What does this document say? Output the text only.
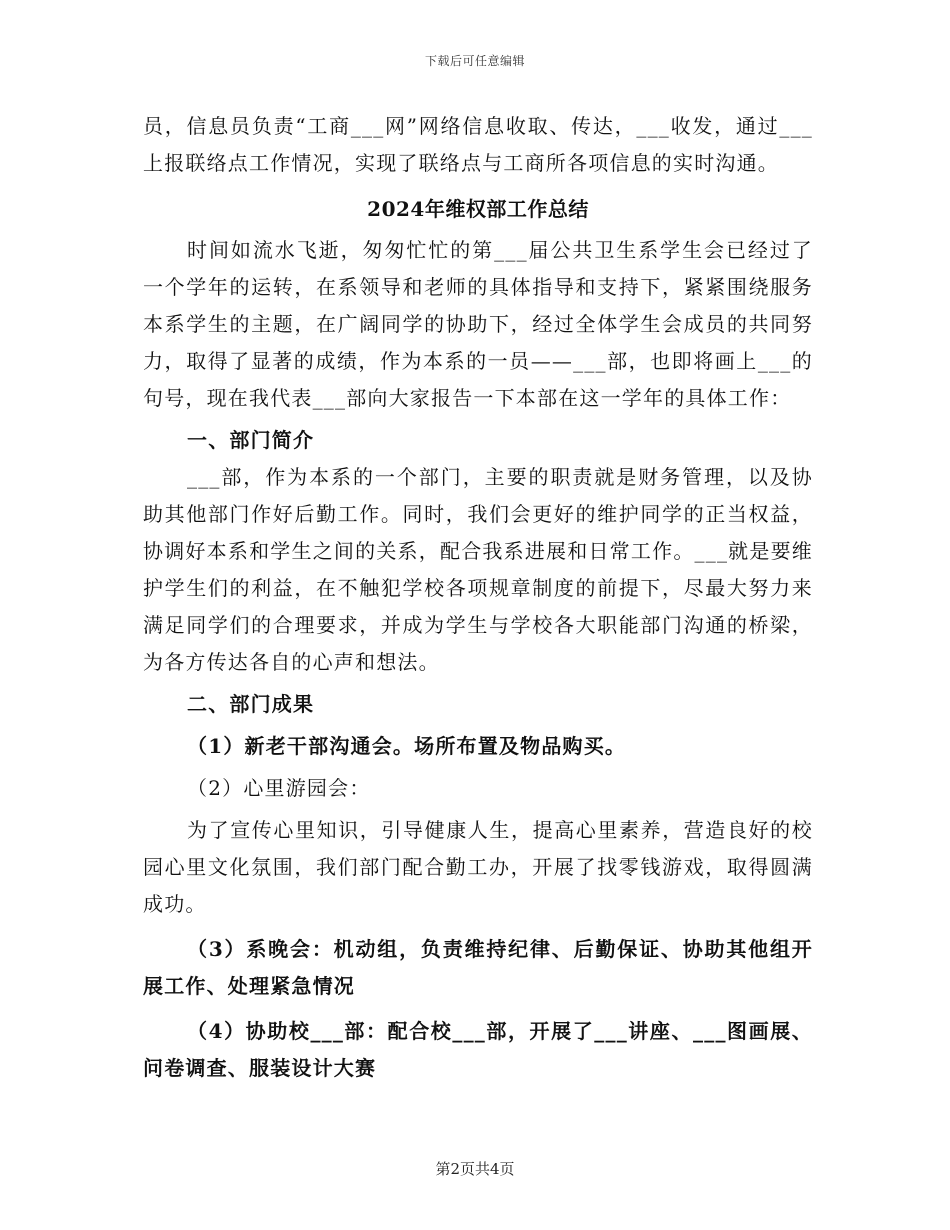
下载后可任意编辑

员，信息员负责“工商___网”网络信息收取、传达，___收发，通过___上报联络点工作情况，实现了联络点与工商所各项信息的实时沟通。

2024年维权部工作总结

时间如流水飞逝，匆匆忙忙的第___届公共卫生系学生会已经过了一个学年的运转，在系领导和老师的具体指导和支持下，紧紧围绕服务本系学生的主题，在广阔同学的协助下，经过全体学生会成员的共同努力，取得了显著的成绩，作为本系的一员——___部，也即将画上___的句号，现在我代表___部向大家报告一下本部在这一学年的具体工作：

一、部门简介

___部，作为本系的一个部门，主要的职责就是财务管理，以及协助其他部门作好后勤工作。同时，我们会更好的维护同学的正当权益，协调好本系和学生之间的关系，配合我系进展和日常工作。___就是要维护学生们的利益，在不触犯学校各项规章制度的前提下，尽最大努力来满足同学们的合理要求，并成为学生与学校各大职能部门沟通的桥梁，为各方传达各自的心声和想法。

二、部门成果

（1）新老干部沟通会。场所布置及物品购买。

（2）心里游园会：

为了宣传心里知识，引导健康人生，提高心里素养，营造良好的校园心里文化氛围，我们部门配合勤工办，开展了找零钱游戏，取得圆满成功。

（3）系晚会：机动组，负责维持纪律、后勤保证、协助其他组开展工作、处理紧急情况

（4）协助校___部：配合校___部，开展了___讲座、___图画展、问卷调查、服装设计大赛

第2页共4页
